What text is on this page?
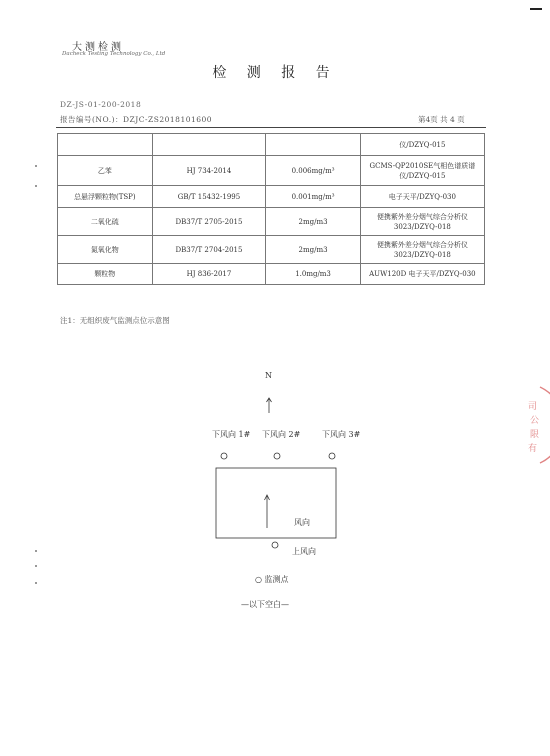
大测检测
Dacheck Testing Technology Co., Ltd
检 测 报 告
DZ-JS-01-200-2018
报告编号(NO.)：DZJC-ZS2018101600	第4页 共 4 页
			仪/DZYQ-015
乙苯	HJ 734-2014	0.006mg/m³	GCMS-QP2010SE气相色谱质谱仪/DZYQ-015
总悬浮颗粒物(TSP)	GB/T 15432-1995	0.001mg/m³	电子天平/DZYQ-030
二氧化硫	DB37/T 2705-2015	2mg/m3	便携紫外差分烟气综合分析仪3023/DZYQ-018
氮氧化物	DB37/T 2704-2015	2mg/m3	便携紫外差分烟气综合分析仪3023/DZYQ-018
颗粒物	HJ 836-2017	1.0mg/m3	AUW120D 电子天平/DZYQ-030
注1：无组织废气监测点位示意图
N
下风向 1# 下风向 2#	下风向 3#
风向
上风向
○ 监测点
—以下空白—
司
公
限
有
